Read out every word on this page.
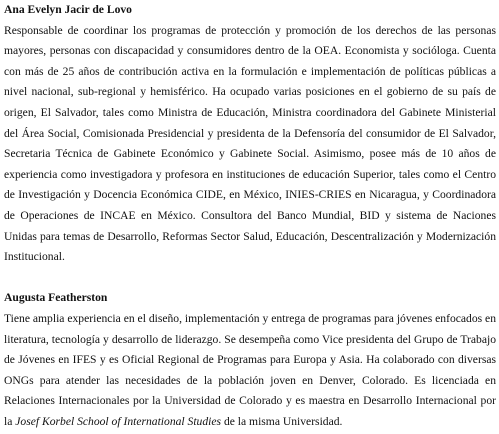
Ana Evelyn Jacir de Lovo

Responsable de coordinar los programas de protección y promoción de los derechos de las personas mayores, personas con discapacidad y consumidores dentro de la OEA. Economista y socióloga. Cuenta con más de 25 años de contribución activa en la formulación e implementación de políticas públicas a nivel nacional, sub-regional y hemisférico. Ha ocupado varias posiciones en el gobierno de su país de origen, El Salvador, tales como Ministra de Educación, Ministra coordinadora del Gabinete Ministerial del Área Social, Comisionada Presidencial y presidenta de la Defensoría del consumidor de El Salvador, Secretaria Técnica de Gabinete Económico y Gabinete Social. Asimismo, posee más de 10 años de experiencia como investigadora y profesora en instituciones de educación Superior, tales como el Centro de Investigación y Docencia Económica CIDE, en México, INIES-CRIES en Nicaragua, y Coordinadora de Operaciones de INCAE en México. Consultora del Banco Mundial, BID y sistema de Naciones Unidas para temas de Desarrollo, Reformas Sector Salud, Educación, Descentralización y Modernización Institucional.

Augusta Featherston

Tiene amplia experiencia en el diseño, implementación y entrega de programas para jóvenes enfocados en literatura, tecnología y desarrollo de liderazgo. Se desempeña como Vice presidenta del Grupo de Trabajo de Jóvenes en IFES y es Oficial Regional de Programas para Europa y Asia. Ha colaborado con diversas ONGs para atender las necesidades de la población joven en Denver, Colorado. Es licenciada en Relaciones Internacionales por la Universidad de Colorado y es maestra en Desarrollo Internacional por la Josef Korbel School of International Studies de la misma Universidad.
